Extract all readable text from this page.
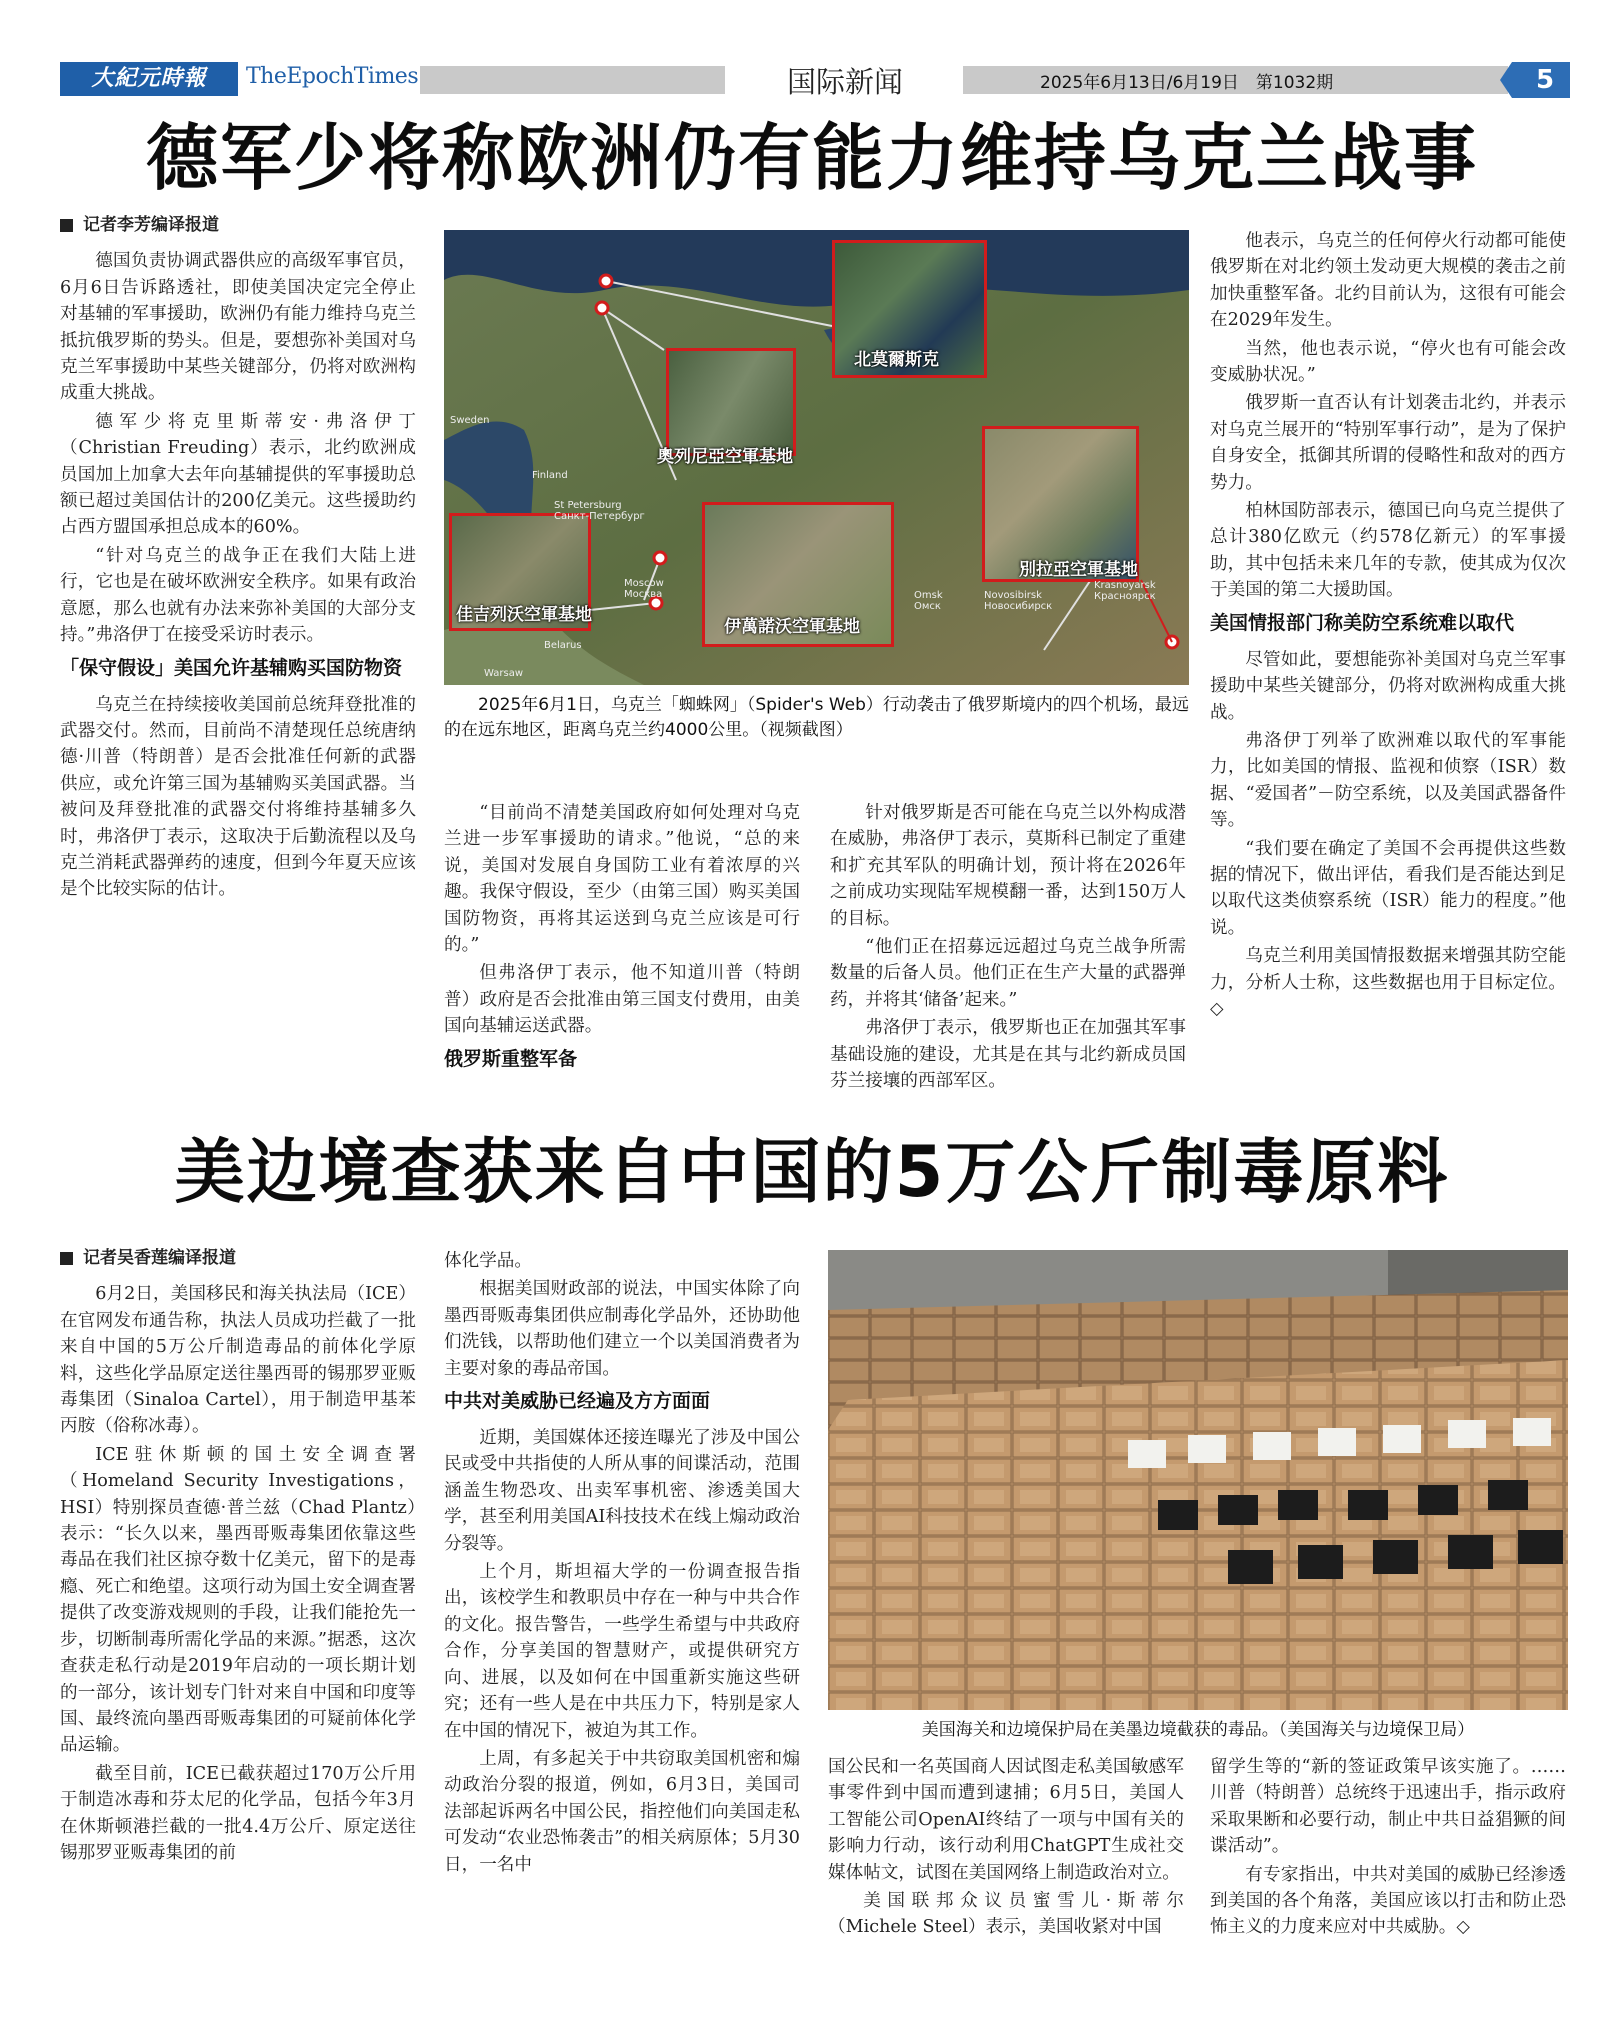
大紀元時報	TheEpochTimes	国际新闻	2025年6月13日/6月19日　第1032期	5
德军少将称欧洲仍有能力维持乌克兰战事
记者李芳编译报道

德国负责协调武器供应的高级军事官员，6月6日告诉路透社，即使美国决定完全停止对基辅的军事援助，欧洲仍有能力维持乌克兰抵抗俄罗斯的势头。但是，要想弥补美国对乌克兰军事援助中某些关键部分，仍将对欧洲构成重大挑战。

德军少将克里斯蒂安·弗洛伊丁（Christian Freuding）表示，北约欧洲成员国加上加拿大去年向基辅提供的军事援助总额已超过美国估计的200亿美元。这些援助约占西方盟国承担总成本的60%。

“针对乌克兰的战争正在我们大陆上进行，它也是在破坏欧洲安全秩序。如果有政治意愿，那么也就有办法来弥补美国的大部分支持。”弗洛伊丁在接受采访时表示。

「保守假设」美国允许基辅购买国防物资

乌克兰在持续接收美国前总统拜登批准的武器交付。然而，目前尚不清楚现任总统唐纳德·川普（特朗普）是否会批准任何新的武器供应，或允许第三国为基辅购买美国武器。当被问及拜登批准的武器交付将维持基辅多久时，弗洛伊丁表示，这取决于后勤流程以及乌克兰消耗武器弹药的速度，但到今年夏天应该是个比较实际的估计。

北莫爾斯克
奧列尼亞空軍基地
別拉亞空軍基地
佳吉列沃空軍基地
伊萬諾沃空軍基地
Sweden
Finland
St Petersburg
Санкт-Петербург
Moscow
Москва
Belarus
Warsaw
Omsk
Омск
Novosibirsk
Новосибирск
Krasnoyarsk
Красноярск
2025年6月1日，乌克兰「蜘蛛网」（Spider's Web）行动袭击了俄罗斯境内的四个机场，最远的在远东地区，距离乌克兰约4000公里。（视频截图）

“目前尚不清楚美国政府如何处理对乌克兰进一步军事援助的请求。”他说，“总的来说，美国对发展自身国防工业有着浓厚的兴趣。我保守假设，至少（由第三国）购买美国国防物资，再将其运送到乌克兰应该是可行的。”

但弗洛伊丁表示，他不知道川普（特朗普）政府是否会批准由第三国支付费用，由美国向基辅运送武器。

俄罗斯重整军备

针对俄罗斯是否可能在乌克兰以外构成潜在威胁，弗洛伊丁表示，莫斯科已制定了重建和扩充其军队的明确计划，预计将在2026年之前成功实现陆军规模翻一番，达到150万人的目标。

“他们正在招募远远超过乌克兰战争所需数量的后备人员。他们正在生产大量的武器弹药，并将其‘储备’起来。”

弗洛伊丁表示，俄罗斯也正在加强其军事基础设施的建设，尤其是在其与北约新成员国芬兰接壤的西部军区。

他表示，乌克兰的任何停火行动都可能使俄罗斯在对北约领土发动更大规模的袭击之前加快重整军备。北约目前认为，这很有可能会在2029年发生。

当然，他也表示说，“停火也有可能会改变威胁状况。”

俄罗斯一直否认有计划袭击北约，并表示对乌克兰展开的“特别军事行动”，是为了保护自身安全，抵御其所谓的侵略性和敌对的西方势力。

柏林国防部表示，德国已向乌克兰提供了总计380亿欧元（约578亿新元）的军事援助，其中包括未来几年的专款，使其成为仅次于美国的第二大援助国。

美国情报部门称美防空系统难以取代

尽管如此，要想能弥补美国对乌克兰军事援助中某些关键部分，仍将对欧洲构成重大挑战。

弗洛伊丁列举了欧洲难以取代的军事能力，比如美国的情报、监视和侦察（ISR）数据、“爱国者”－防空系统，以及美国武器备件等。

“我们要在确定了美国不会再提供这些数据的情况下，做出评估，看我们是否能达到足以取代这类侦察系统（ISR）能力的程度。”他说。

乌克兰利用美国情报数据来增强其防空能力，分析人士称，这些数据也用于目标定位。◇

美边境查获来自中国的5万公斤制毒原料
记者吴香莲编译报道

6月2日，美国移民和海关执法局（ICE）在官网发布通告称，执法人员成功拦截了一批来自中国的5万公斤制造毒品的前体化学原料，这些化学品原定送往墨西哥的锡那罗亚贩毒集团（Sinaloa Cartel），用于制造甲基苯丙胺（俗称冰毒）。

ICE驻休斯顿的国土安全调查署（Homeland Security Investigations，HSI）特别探员查德·普兰兹（Chad Plantz）表示：“长久以来，墨西哥贩毒集团依靠这些毒品在我们社区掠夺数十亿美元，留下的是毒瘾、死亡和绝望。这项行动为国土安全调查署提供了改变游戏规则的手段，让我们能抢先一步，切断制毒所需化学品的来源。”据悉，这次查获走私行动是2019年启动的一项长期计划的一部分，该计划专门针对来自中国和印度等国、最终流向墨西哥贩毒集团的可疑前体化学品运输。

截至目前，ICE已截获超过170万公斤用于制造冰毒和芬太尼的化学品，包括今年3月在休斯顿港拦截的一批4.4万公斤、原定送往锡那罗亚贩毒集团的前

体化学品。

根据美国财政部的说法，中国实体除了向墨西哥贩毒集团供应制毒化学品外，还协助他们洗钱，以帮助他们建立一个以美国消费者为主要对象的毒品帝国。

中共对美威胁已经遍及方方面面

近期，美国媒体还接连曝光了涉及中国公民或受中共指使的人所从事的间谍活动，范围涵盖生物恐攻、出卖军事机密、渗透美国大学，甚至利用美国AI科技技术在线上煽动政治分裂等。

上个月，斯坦福大学的一份调查报告指出，该校学生和教职员中存在一种与中共合作的文化。报告警告，一些学生希望与中共政府合作，分享美国的智慧财产，或提供研究方向、进展，以及如何在中国重新实施这些研究；还有一些人是在中共压力下，特别是家人在中国的情况下，被迫为其工作。

上周，有多起关于中共窃取美国机密和煽动政治分裂的报道，例如，6月3日，美国司法部起诉两名中国公民，指控他们向美国走私可发动“农业恐怖袭击”的相关病原体；5月30日，一名中

美国海关和边境保护局在美墨边境截获的毒品。（美国海关与边境保卫局）

国公民和一名英国商人因试图走私美国敏感军事零件到中国而遭到逮捕；6月5日，美国人工智能公司OpenAI终结了一项与中国有关的影响力行动，该行动利用ChatGPT生成社交媒体帖文，试图在美国网络上制造政治对立。

美国联邦众议员蜜雪儿·斯蒂尔（Michele Steel）表示，美国收紧对中国

留学生等的“新的签证政策早该实施了。……川普（特朗普）总统终于迅速出手，指示政府采取果断和必要行动，制止中共日益猖獗的间谍活动”。

有专家指出，中共对美国的威胁已经渗透到美国的各个角落，美国应该以打击和防止恐怖主义的力度来应对中共威胁。◇
